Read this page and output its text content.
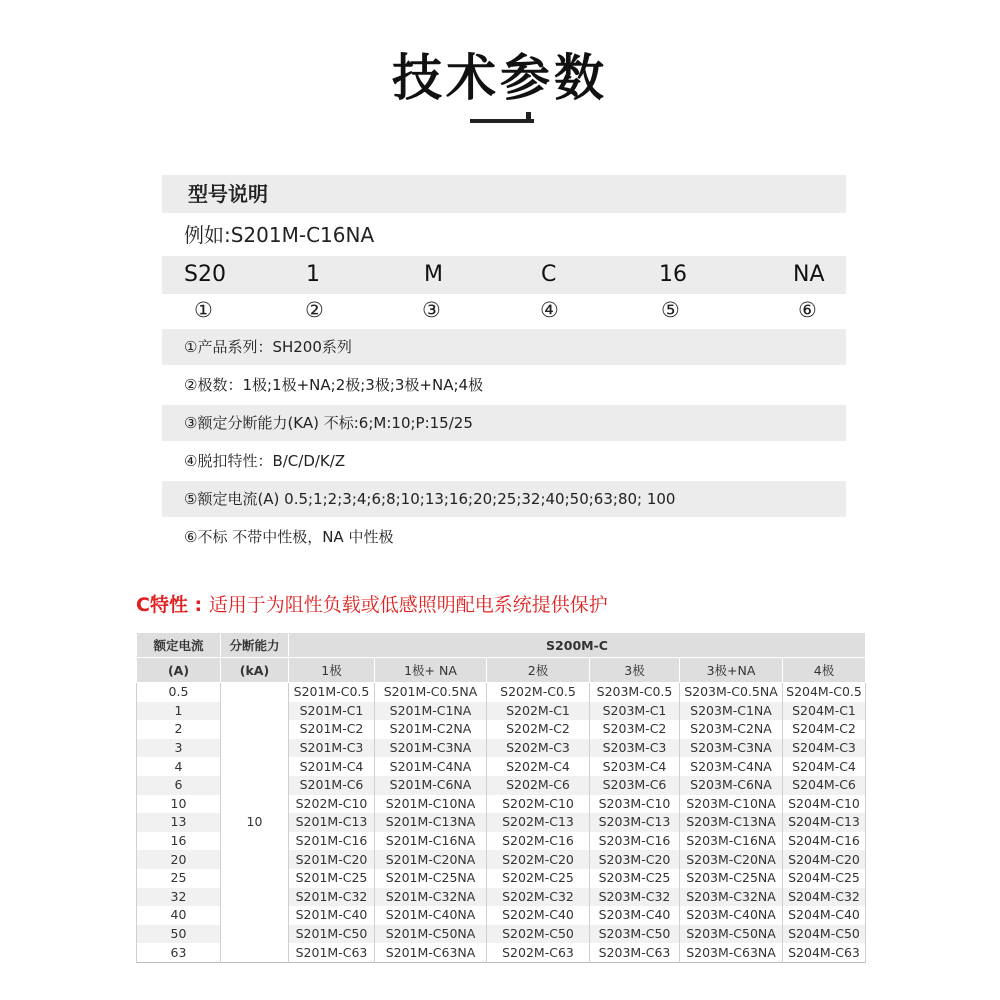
技术参数
型号说明
例如:S201M-C16NA
S20	1	M	C	16	NA
①	②	③	④	⑤	⑥
①产品系列：SH200系列
②极数：1极;1极+NA;2极;3极;3极+NA;4极
③额定分断能力(KA) 不标:6;M:10;P:15/25
④脱扣特性：B/C/D/K/Z
⑤额定电流(A) 0.5;1;2;3;4;6;8;10;13;16;20;25;32;40;50;63;80; 100
⑥不标 不带中性极，NA 中性极
C特性 : 适用于为阻性负载或低感照明配电系统提供保护
额定电流	分断能力	S200M-C					
(A)	(kA)	1极	1极+ NA	2极	3极	3极+NA	4极
0.5	10	S201M-C0.5	S201M-C0.5NA	S202M-C0.5	S203M-C0.5	S203M-C0.5NA	S204M-C0.5
1		S201M-C1	S201M-C1NA	S202M-C1	S203M-C1	S203M-C1NA	S204M-C1
2		S201M-C2	S201M-C2NA	S202M-C2	S203M-C2	S203M-C2NA	S204M-C2
3		S201M-C3	S201M-C3NA	S202M-C3	S203M-C3	S203M-C3NA	S204M-C3
4		S201M-C4	S201M-C4NA	S202M-C4	S203M-C4	S203M-C4NA	S204M-C4
6		S201M-C6	S201M-C6NA	S202M-C6	S203M-C6	S203M-C6NA	S204M-C6
10		S202M-C10	S201M-C10NA	S202M-C10	S203M-C10	S203M-C10NA	S204M-C10
13		S201M-C13	S201M-C13NA	S202M-C13	S203M-C13	S203M-C13NA	S204M-C13
16		S201M-C16	S201M-C16NA	S202M-C16	S203M-C16	S203M-C16NA	S204M-C16
20		S201M-C20	S201M-C20NA	S202M-C20	S203M-C20	S203M-C20NA	S204M-C20
25		S201M-C25	S201M-C25NA	S202M-C25	S203M-C25	S203M-C25NA	S204M-C25
32		S201M-C32	S201M-C32NA	S202M-C32	S203M-C32	S203M-C32NA	S204M-C32
40		S201M-C40	S201M-C40NA	S202M-C40	S203M-C40	S203M-C40NA	S204M-C40
50		S201M-C50	S201M-C50NA	S202M-C50	S203M-C50	S203M-C50NA	S204M-C50
63		S201M-C63	S201M-C63NA	S202M-C63	S203M-C63	S203M-C63NA	S204M-C63
